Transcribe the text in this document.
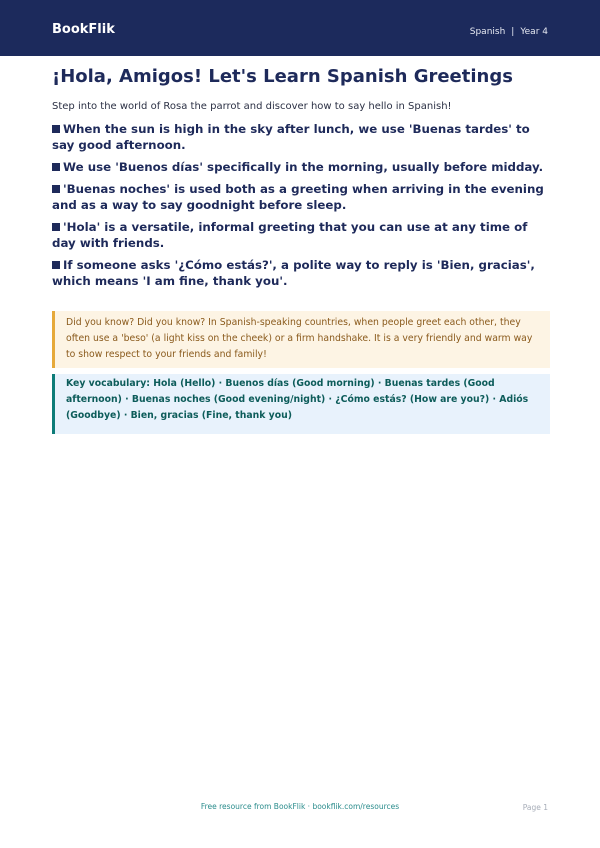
BookFlik	Spanish | Year 4
¡Hola, Amigos! Let's Learn Spanish Greetings

Step into the world of Rosa the parrot and discover how to say hello in Spanish!

When the sun is high in the sky after lunch, we use 'Buenas tardes' to say good afternoon.
We use 'Buenos días' specifically in the morning, usually before midday.
'Buenas noches' is used both as a greeting when arriving in the evening and as a way to say goodnight before sleep.
'Hola' is a versatile, informal greeting that you can use at any time of day with friends.
If someone asks '¿Cómo estás?', a polite way to reply is 'Bien, gracias', which means 'I am fine, thank you'.
Did you know? Did you know? In Spanish-speaking countries, when people greet each other, they often use a 'beso' (a light kiss on the cheek) or a firm handshake. It is a very friendly and warm way to show respect to your friends and family!
Key vocabulary: Hola (Hello) · Buenos días (Good morning) · Buenas tardes (Good afternoon) · Buenas noches (Good evening/night) · ¿Cómo estás? (How are you?) · Adiós (Goodbye) · Bien, gracias (Fine, thank you)
Free resource from BookFlik · bookflik.com/resources	Page 1
